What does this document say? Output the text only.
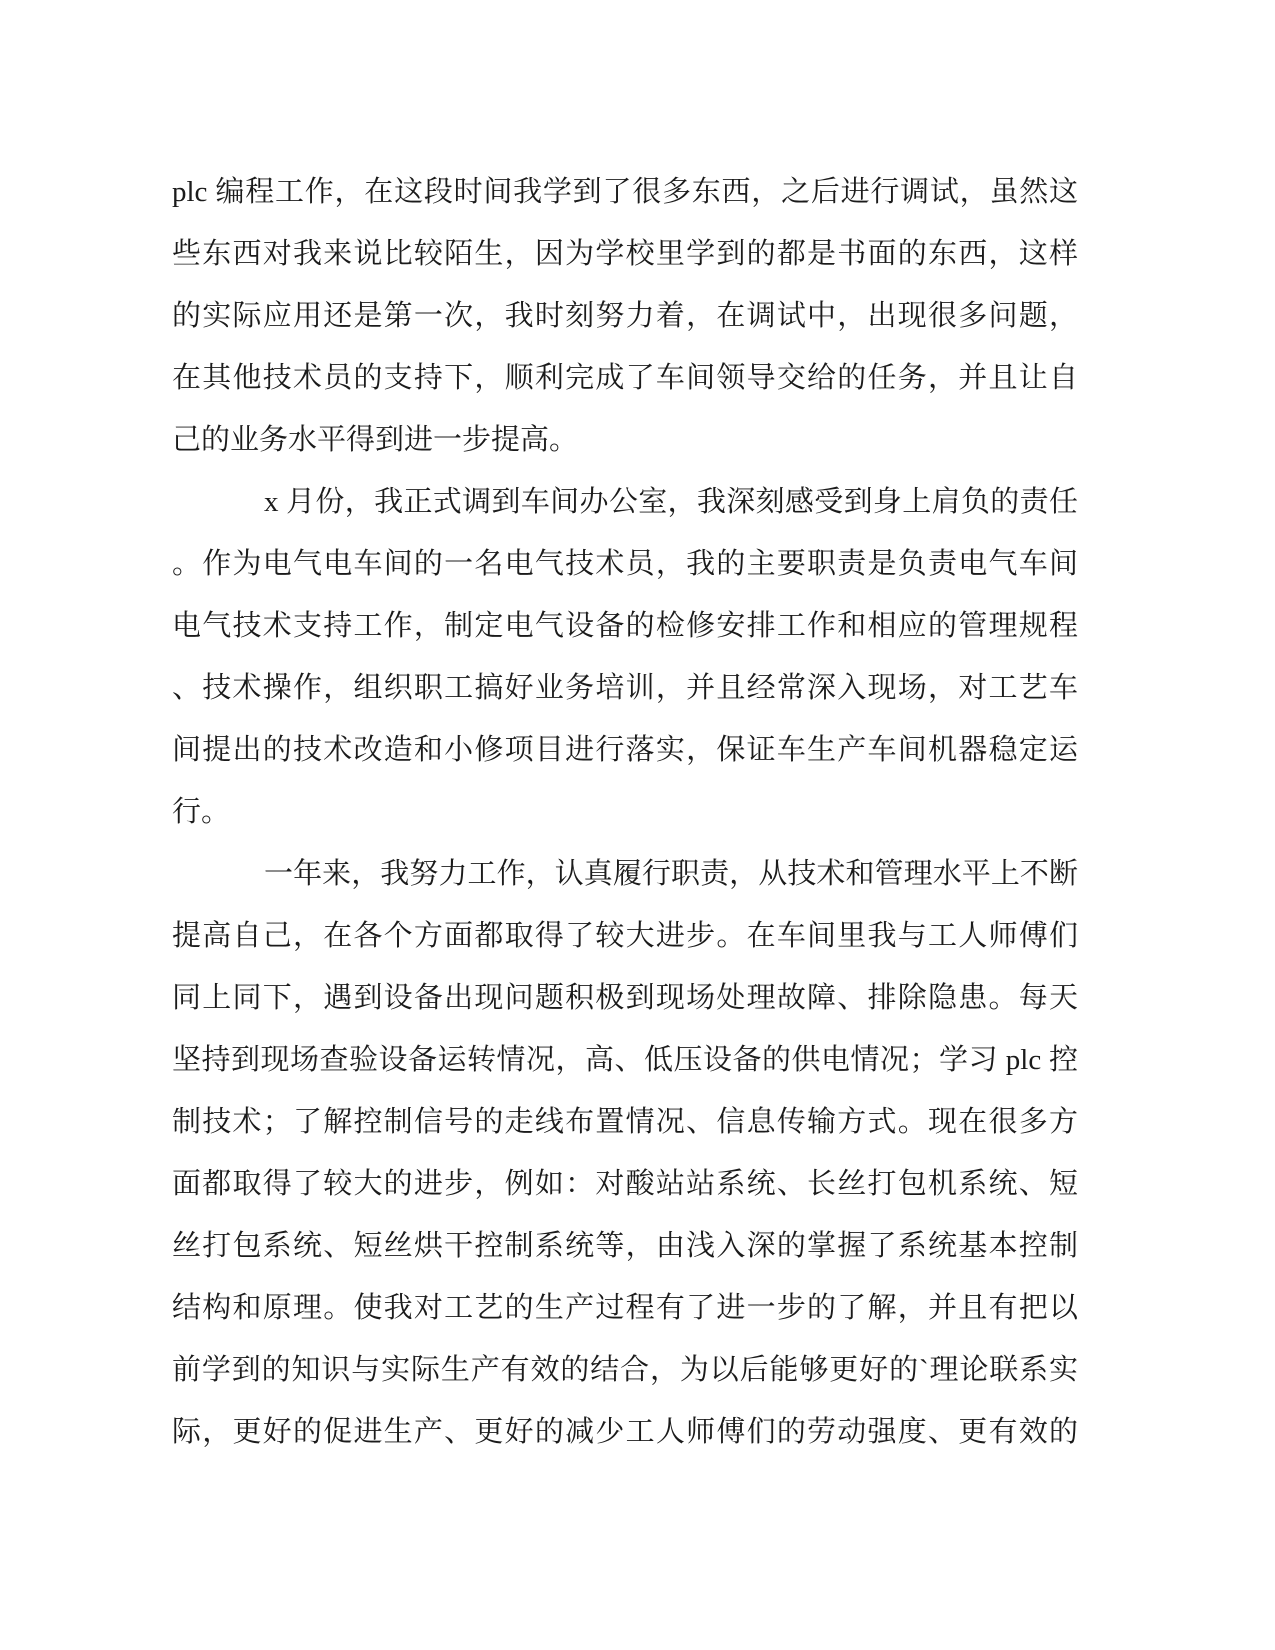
plc 编程工作，在这段时间我学到了很多东西，之后进行调试，虽然这
些东西对我来说比较陌生，因为学校里学到的都是书面的东西，这样
的实际应用还是第一次，我时刻努力着，在调试中，出现很多问题，
在其他技术员的支持下，顺利完成了车间领导交给的任务，并且让自
己的业务水平得到进一步提高。
x 月份，我正式调到车间办公室，我深刻感受到身上肩负的责任
。作为电气电车间的一名电气技术员，我的主要职责是负责电气车间
电气技术支持工作，制定电气设备的检修安排工作和相应的管理规程
、技术操作，组织职工搞好业务培训，并且经常深入现场，对工艺车
间提出的技术改造和小修项目进行落实，保证车生产车间机器稳定运
行。
一年来，我努力工作，认真履行职责，从技术和管理水平上不断
提高自己，在各个方面都取得了较大进步。在车间里我与工人师傅们
同上同下，遇到设备出现问题积极到现场处理故障、排除隐患。每天
坚持到现场查验设备运转情况，高、低压设备的供电情况；学习 plc 控
制技术；了解控制信号的走线布置情况、信息传输方式。现在很多方
面都取得了较大的进步，例如：对酸站站系统、长丝打包机系统、短
丝打包系统、短丝烘干控制系统等，由浅入深的掌握了系统基本控制
结构和原理。使我对工艺的生产过程有了进一步的了解，并且有把以
前学到的知识与实际生产有效的结合，为以后能够更好的`理论联系实
际，更好的促进生产、更好的减少工人师傅们的劳动强度、更有效的
